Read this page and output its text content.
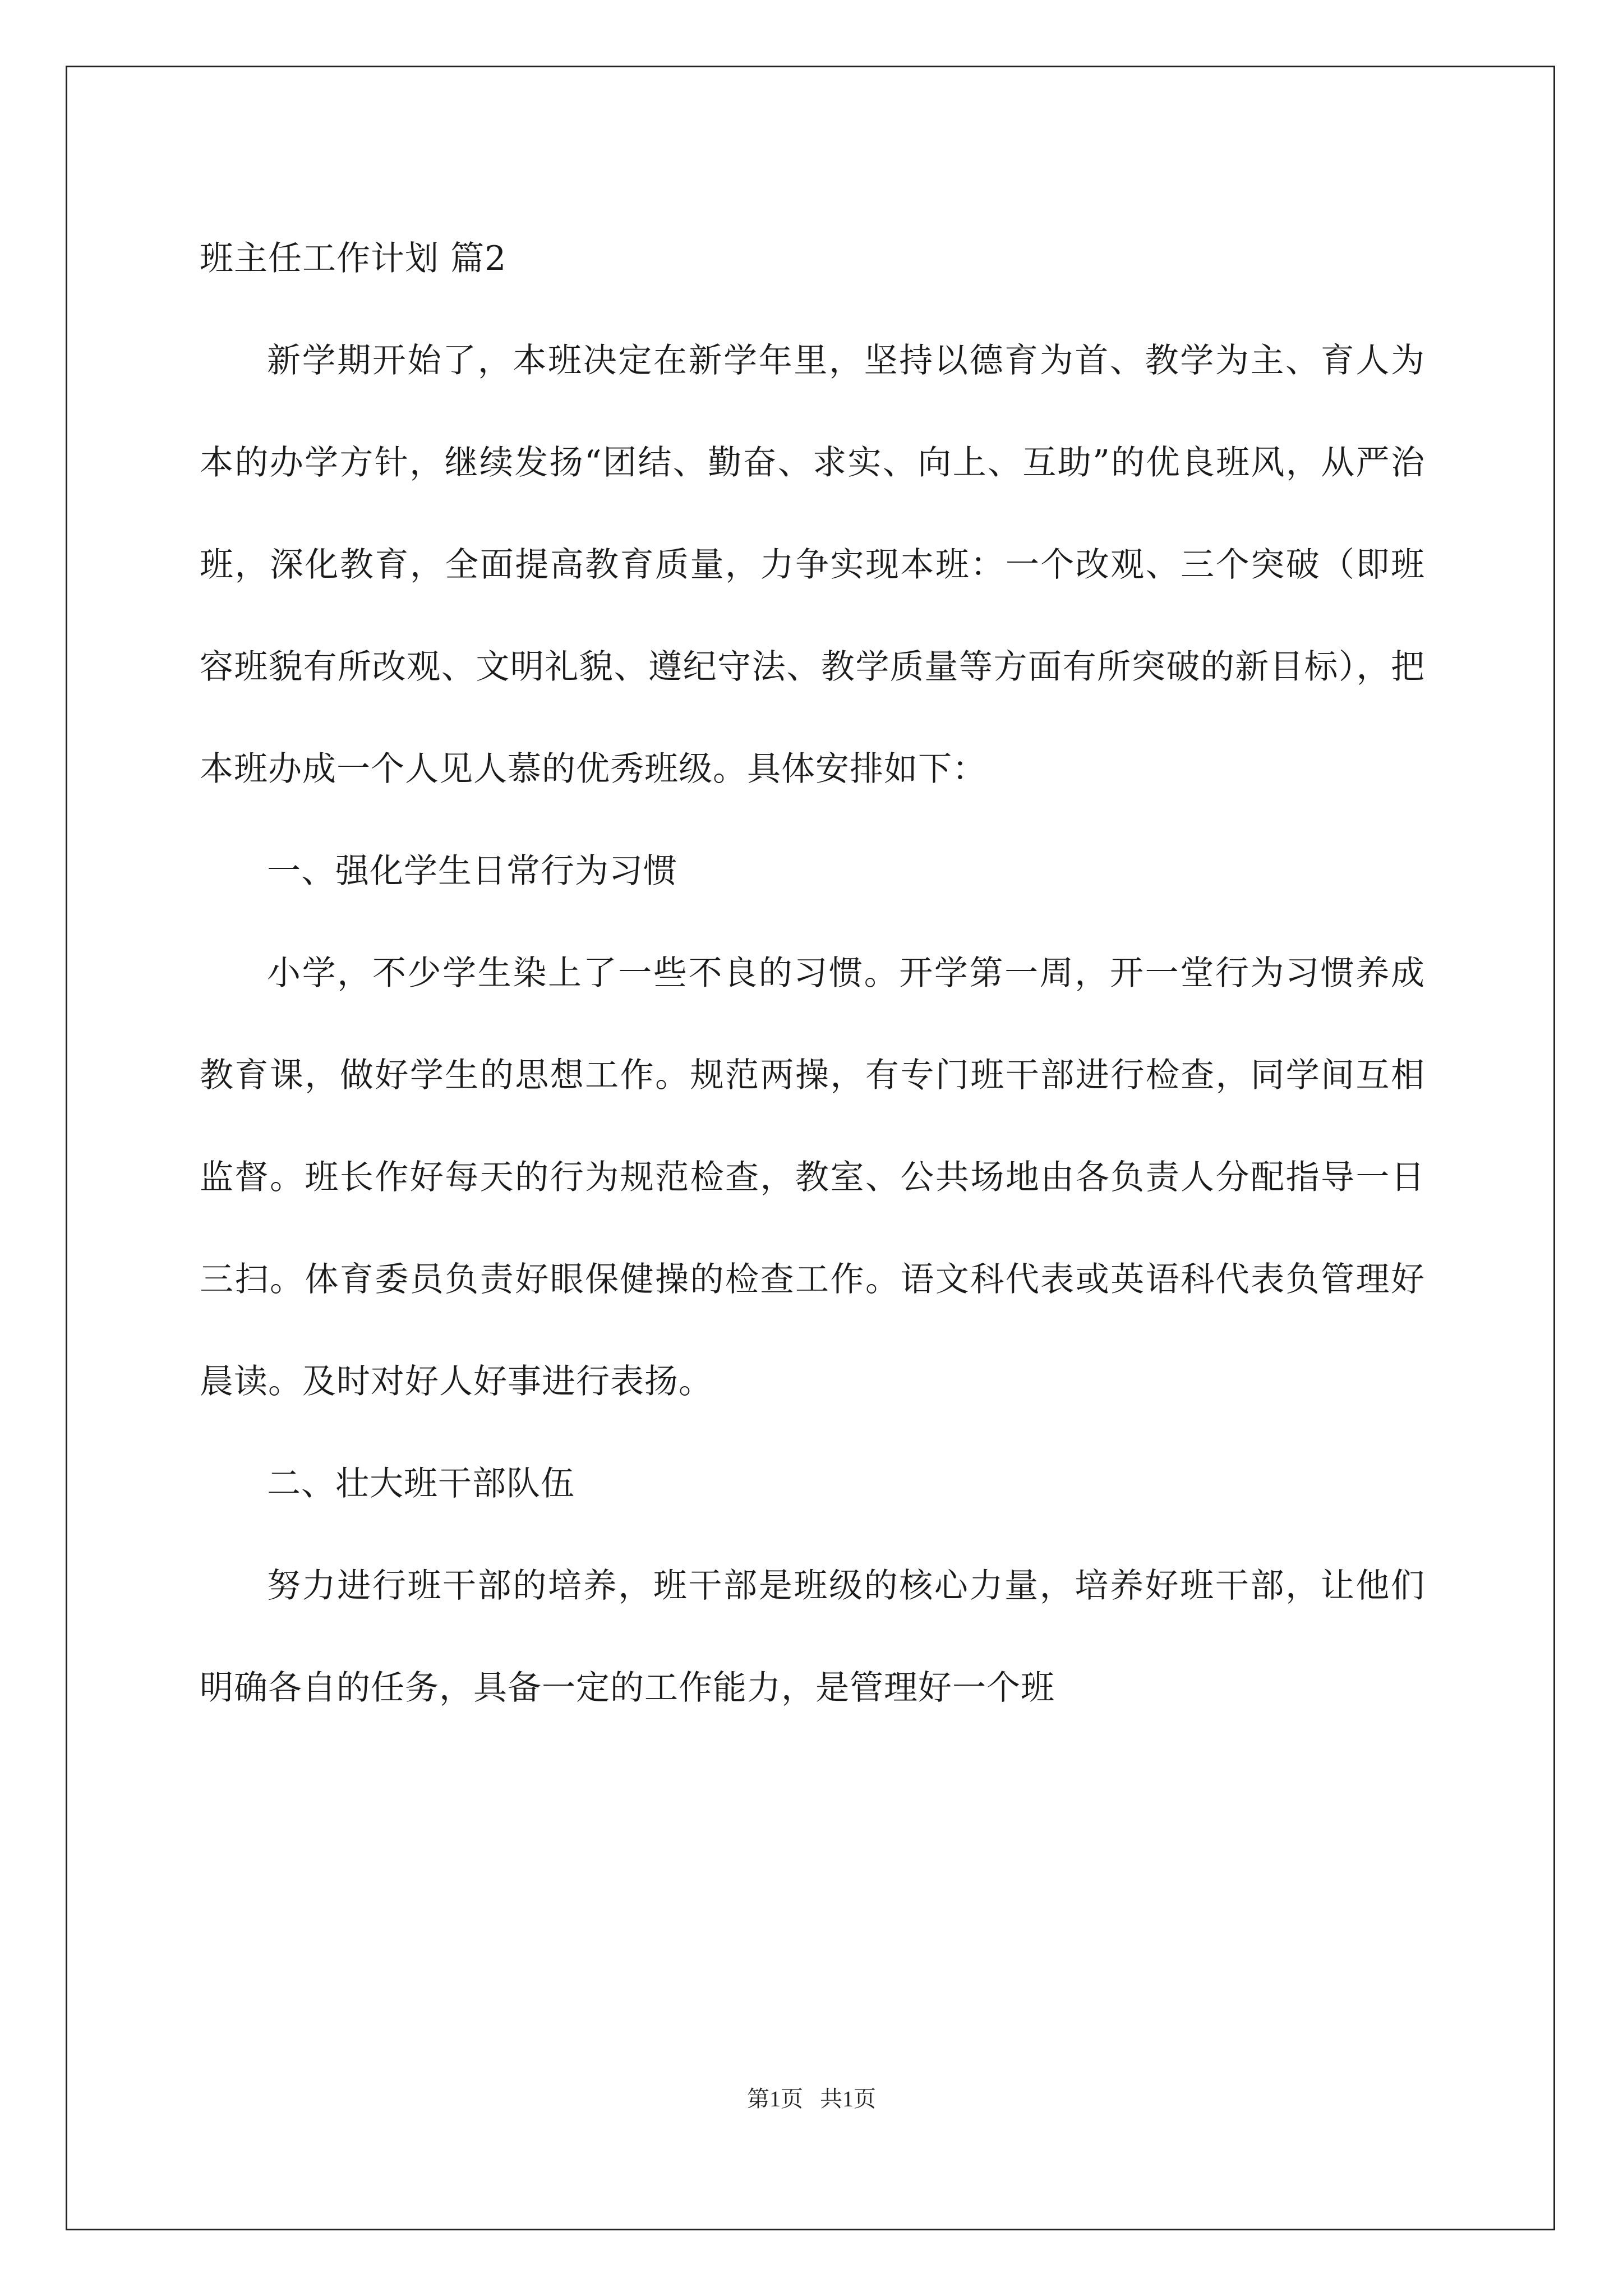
班主任工作计划 篇2

新学期开始了，本班决定在新学年里，坚持以德育为首、教学为主、育人为本的办学方针，继续发扬“团结、勤奋、求实、向上、互助”的优良班风，从严治班，深化教育，全面提高教育质量，力争实现本班：一个改观、三个突破（即班容班貌有所改观、文明礼貌、遵纪守法、教学质量等方面有所突破的新目标），把本班办成一个人见人慕的优秀班级。具体安排如下：

一、强化学生日常行为习惯

小学，不少学生染上了一些不良的习惯。开学第一周，开一堂行为习惯养成教育课，做好学生的思想工作。规范两操，有专门班干部进行检查，同学间互相监督。班长作好每天的行为规范检查，教室、公共场地由各负责人分配指导一日三扫。体育委员负责好眼保健操的检查工作。语文科代表或英语科代表负管理好晨读。及时对好人好事进行表扬。

二、壮大班干部队伍

努力进行班干部的培养，班干部是班级的核心力量，培养好班干部，让他们明确各自的任务，具备一定的工作能力，是管理好一个班

第1页   共1页
